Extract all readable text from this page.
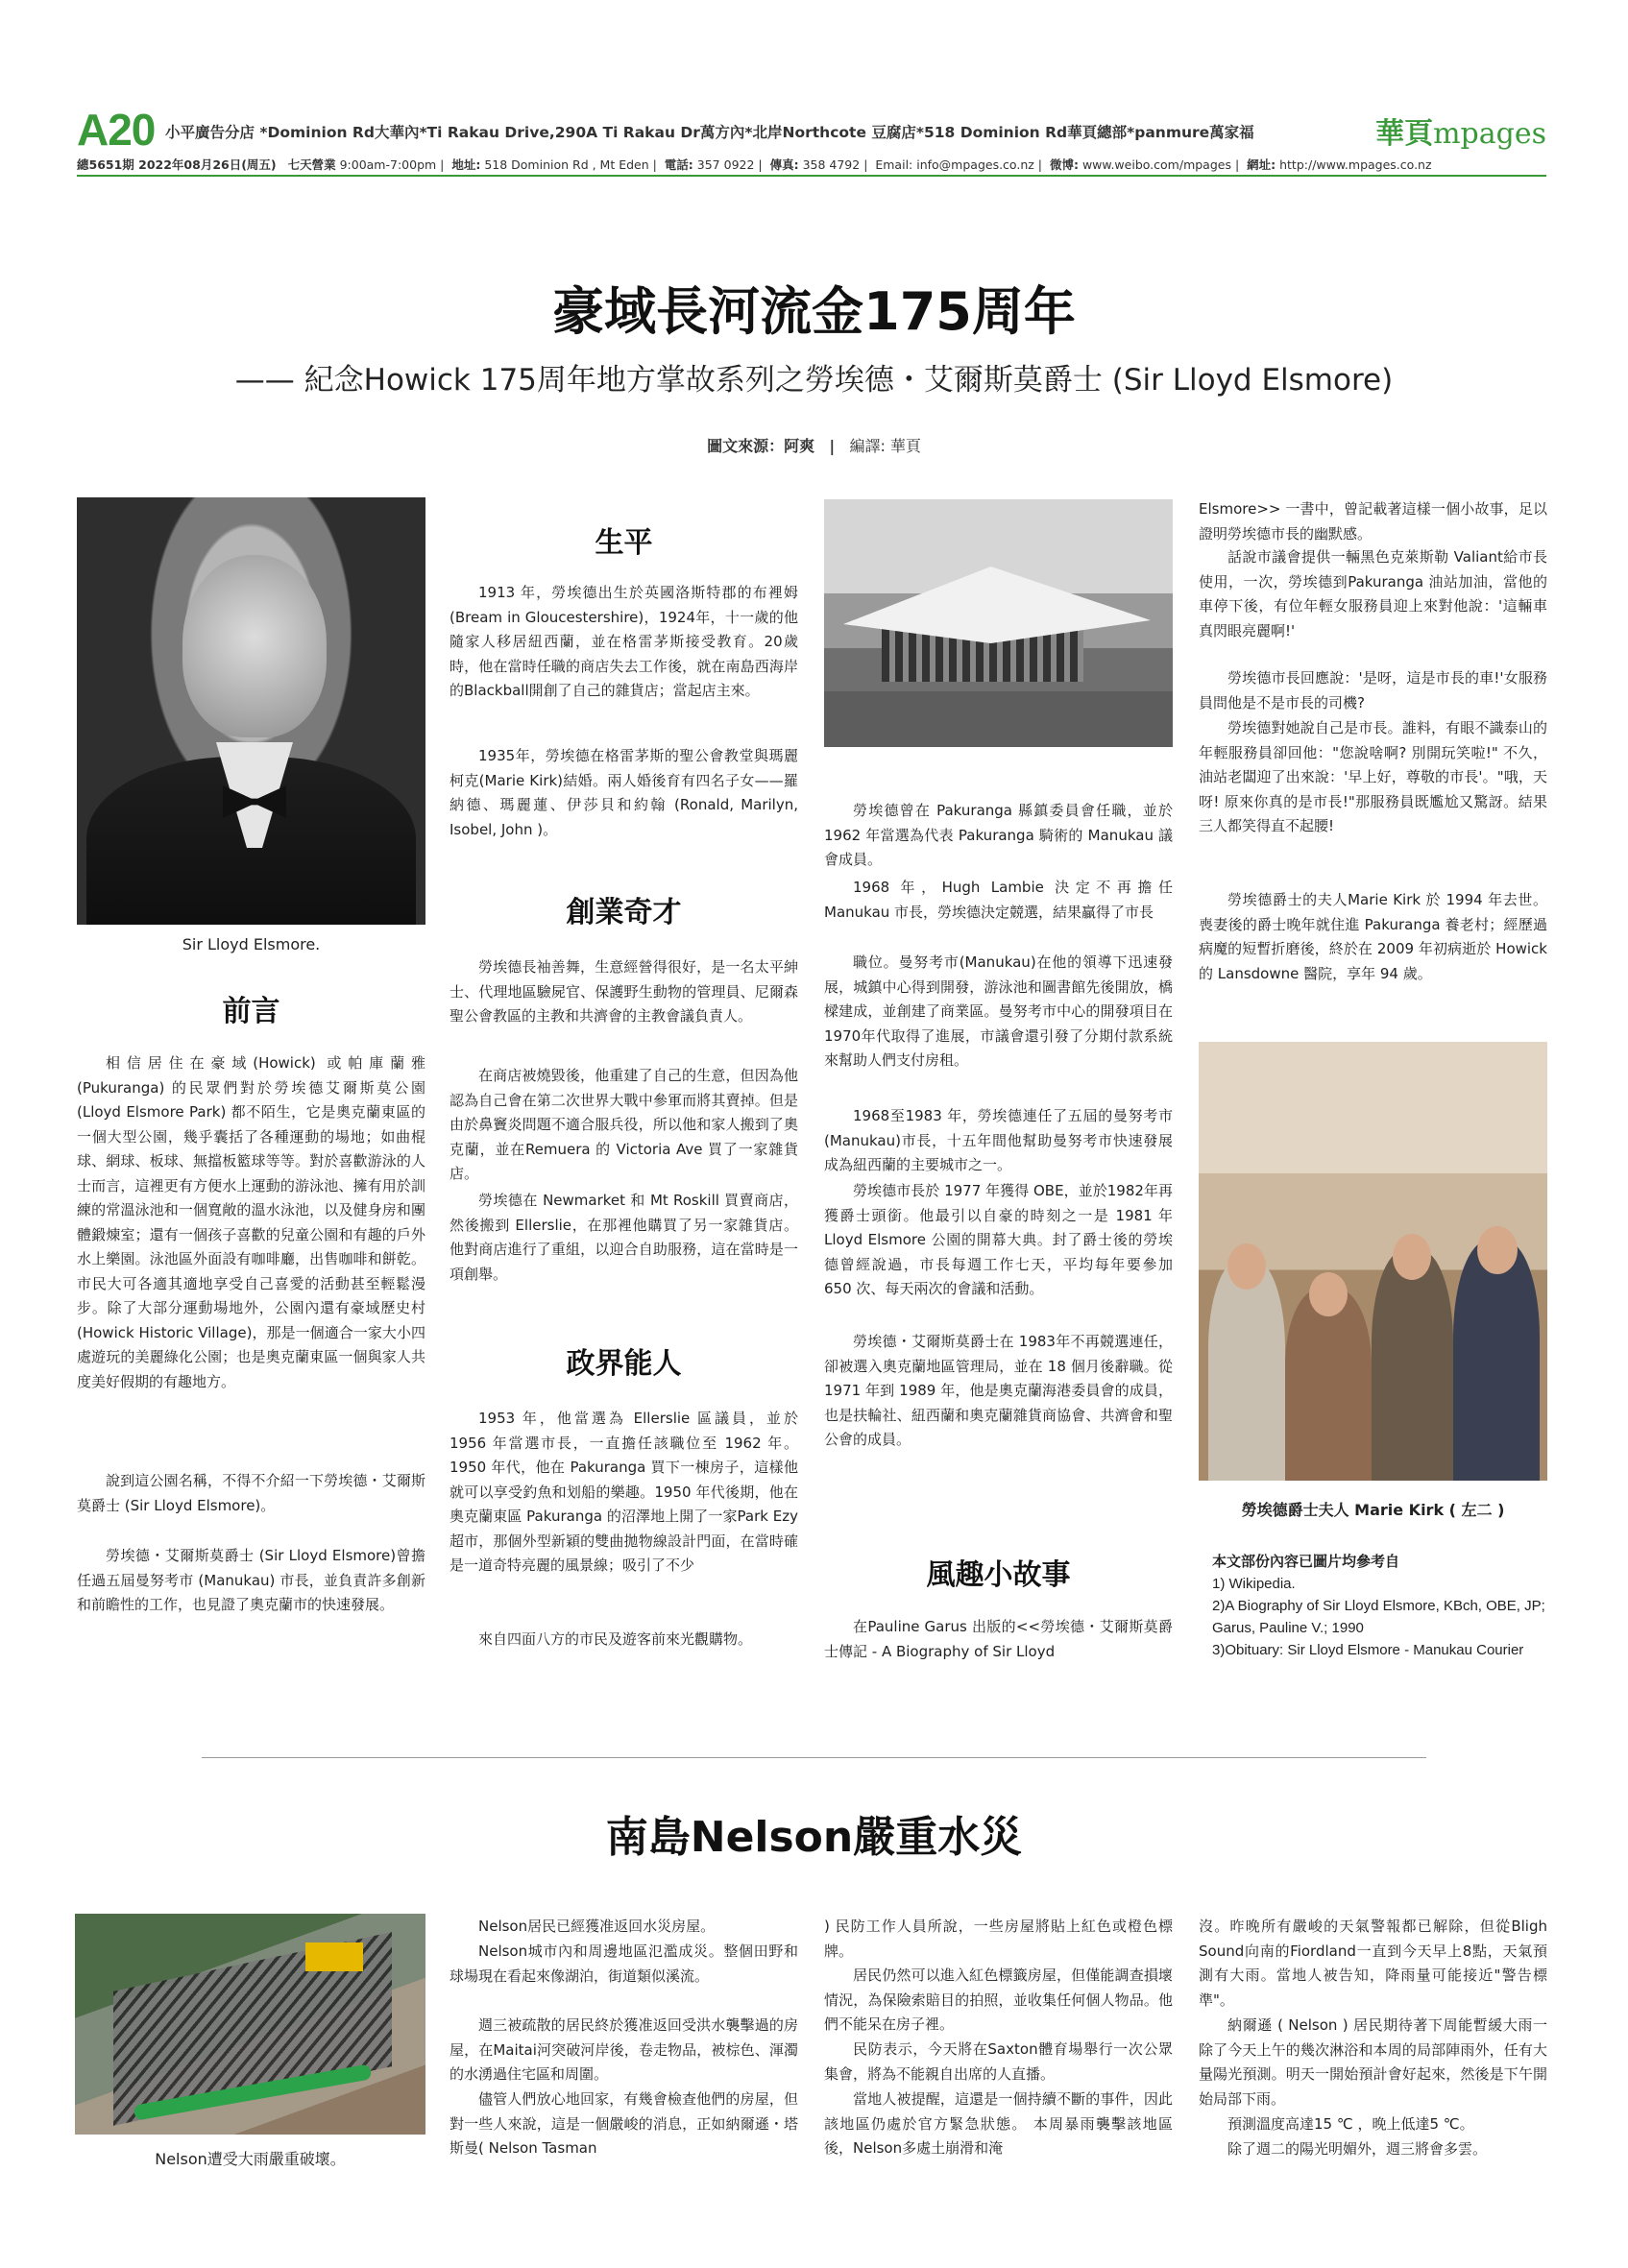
A20 小平廣告分店 *Dominion Rd大華內*Ti Rakau Drive,290A Ti Rakau Dr萬方內*北岸Northcote 豆腐店*518 Dominion Rd華頁總部*panmure萬家福	華頁mpages
總5651期 2022年08月26日(周五) 七天營業 9:00am-7:00pm |  地址: 518 Dominion Rd , Mt Eden |  電話: 357 0922 |  傳真: 358 4792 |  Email: info@mpages.co.nz |  微博: www.weibo.com/mpages |  網址: http://www.mpages.co.nz
豪域長河流金175周年
—— 紀念Howick 175周年地方掌故系列之勞埃德・艾爾斯莫爵士 (Sir Lloyd Elsmore)
圖文來源：阿爽 | 編譯: 華頁
Sir Lloyd Elsmore.
前言

相信居住在豪域(Howick) 或帕庫蘭雅(Pukuranga) 的民眾們對於勞埃德艾爾斯莫公園 (Lloyd Elsmore Park) 都不陌生，它是奧克蘭東區的一個大型公園，幾乎囊括了各種運動的場地；如曲棍球、網球、板球、無擋板籃球等等。對於喜歡游泳的人士而言，這裡更有方便水上運動的游泳池、擁有用於訓練的常溫泳池和一個寬敞的溫水泳池，以及健身房和團體鍛煉室；還有一個孩子喜歡的兒童公園和有趣的戶外水上樂園。泳池區外面設有咖啡廳，出售咖啡和餅乾。市民大可各適其適地享受自己喜愛的活動甚至輕鬆漫步。除了大部分運動場地外，公園內還有豪域歷史村(Howick Historic Village)，那是一個適合一家大小四處遊玩的美麗綠化公園；也是奧克蘭東區一個與家人共度美好假期的有趣地方。

說到這公園名稱，不得不介紹一下勞埃德・艾爾斯莫爵士 (Sir Lloyd Elsmore)。

勞埃德・艾爾斯莫爵士 (Sir Lloyd Elsmore)曾擔任過五屆曼努考市 (Manukau) 市長，並負責許多創新和前瞻性的工作，也見證了奧克蘭市的快速發展。

生平

1913 年，勞埃德出生於英國洛斯特郡的布裡姆 (Bream in Gloucestershire)，1924年，十一歲的他隨家人移居紐西蘭，並在格雷茅斯接受教育。20歲時，他在當時任職的商店失去工作後，就在南島西海岸的Blackball開創了自己的雜貨店；當起店主來。

1935年，勞埃德在格雷茅斯的聖公會教堂與瑪麗柯克(Marie Kirk)結婚。兩人婚後育有四名子女——羅納德、瑪麗蓮、伊莎貝和約翰 (Ronald, Marilyn, Isobel, John )。

創業奇才

勞埃德長袖善舞，生意經營得很好，是一名太平紳士、代理地區驗屍官、保護野生動物的管理員、尼爾森聖公會教區的主教和共濟會的主教會議負責人。

在商店被燒毀後，他重建了自己的生意，但因為他認為自己會在第二次世界大戰中參軍而將其賣掉。但是由於鼻竇炎問題不適合服兵役，所以他和家人搬到了奧克蘭，並在Remuera 的 Victoria Ave 買了一家雜貨店。

勞埃德在 Newmarket 和 Mt Roskill 買賣商店，然後搬到 Ellerslie，在那裡他購買了另一家雜貨店。他對商店進行了重組，以迎合自助服務，這在當時是一項創舉。

政界能人

1953 年，他當選為 Ellerslie 區議員，並於 1956 年當選市長，一直擔任該職位至 1962 年。1950 年代，他在 Pakuranga 買下一棟房子，這樣他就可以享受釣魚和划船的樂趣。1950 年代後期，他在奧克蘭東區 Pakuranga 的沼澤地上開了一家Park Ezy超市，那個外型新穎的雙曲拋物線設計門面，在當時確是一道奇特亮麗的風景線；吸引了不少

來自四面八方的市民及遊客前來光觀購物。

勞埃德曾在 Pakuranga 縣鎮委員會任職，並於 1962 年當選為代表 Pakuranga 騎術的 Manukau 議會成員。

1968 年，Hugh Lambie 決定不再擔任Manukau 市長，勞埃德決定競選，結果贏得了市長

職位。曼努考市(Manukau)在他的領導下迅速發展，城鎮中心得到開發，游泳池和圖書館先後開放，橋樑建成，並創建了商業區。曼努考市中心的開發項目在1970年代取得了進展，市議會還引發了分期付款系統來幫助人們支付房租。

1968至1983 年，勞埃德連任了五屆的曼努考市(Manukau)市長，十五年間他幫助曼努考市快速發展成為紐西蘭的主要城市之一。

勞埃德市長於 1977 年獲得 OBE，並於1982年再獲爵士頭銜。他最引以自豪的時刻之一是 1981 年 Lloyd Elsmore 公園的開幕大典。封了爵士後的勞埃德曾經說過，市長每週工作七天，平均每年要參加 650 次、每天兩次的會議和活動。

勞埃德・艾爾斯莫爵士在 1983年不再競選連任，卻被選入奧克蘭地區管理局，並在 18 個月後辭職。從 1971 年到 1989 年，他是奧克蘭海港委員會的成員，也是扶輪社、紐西蘭和奧克蘭雜貨商協會、共濟會和聖公會的成員。

風趣小故事

在Pauline Garus 出版的<<勞埃德・艾爾斯莫爵士傳記 - A Biography of Sir Lloyd

Elsmore>> 一書中，曾記載著這樣一個小故事，足以證明勞埃德市長的幽默感。

話說市議會提供一輛黑色克萊斯勒 Valiant給市長使用，一次，勞埃德到Pakuranga 油站加油，當他的車停下後，有位年輕女服務員迎上來對他說：'這輛車真閃眼亮麗啊!'

勞埃德市長回應說：'是呀，這是市長的車!'女服務員問他是不是市長的司機?

勞埃德對她說自己是市長。誰料，有眼不識泰山的年輕服務員卻回他："您說啥啊? 別開玩笑啦!" 不久，油站老闆迎了出來說：'早上好，尊敬的市長'。"哦，天呀! 原來你真的是市長!"那服務員既尷尬又驚訝。結果三人都笑得直不起腰!

勞埃德爵士的夫人Marie Kirk 於 1994 年去世。喪妻後的爵士晚年就住進 Pakuranga 養老村；經歷過病魔的短暫折磨後，終於在 2009 年初病逝於 Howick 的 Lansdowne 醫院，享年 94 歲。

勞埃德爵士夫人 Marie Kirk ( 左二 )
本文部份內容已圖片均參考自
1) Wikipedia.
2)A Biography of Sir Lloyd Elsmore, KBch, OBE, JP; Garus, Pauline V.; 1990
3)Obituary: Sir Lloyd Elsmore - Manukau Courier
南島Nelson嚴重水災
Nelson遭受大雨嚴重破壞。

Nelson居民已經獲准返回水災房屋。

Nelson城市內和周邊地區氾濫成災。整個田野和球場現在看起來像湖泊，街道類似溪流。

週三被疏散的居民終於獲准返回受洪水襲擊過的房屋，在Maitai河突破河岸後，卷走物品，被棕色、渾濁的水湧過住宅區和周圍。

儘管人們放心地回家，有幾會檢查他們的房屋，但對一些人來說，這是一個嚴峻的消息，正如納爾遜・塔斯曼( Nelson Tasman

) 民防工作人員所說，一些房屋將貼上紅色或橙色標牌。

居民仍然可以進入紅色標籤房屋，但僅能調查損壞情況，為保險索賠目的拍照，並收集任何個人物品。他們不能呆在房子裡。

民防表示，今天將在Saxton體育場舉行一次公眾集會，將為不能親自出席的人直播。

當地人被提醒，這還是一個持續不斷的事件，因此該地區仍處於官方緊急狀態。 本周暴雨襲擊該地區後，Nelson多處土崩滑和淹

沒。昨晚所有嚴峻的天氣警報都已解除，但從Bligh Sound向南的Fiordland一直到今天早上8點，天氣預測有大雨。當地人被告知，降雨量可能接近"警告標準"。

納爾遜 ( Nelson ) 居民期待著下周能暫緩大雨一除了今天上午的幾次淋浴和本周的局部陣雨外，任有大量陽光預測。明天一開始預計會好起來，然後是下午開始局部下雨。

預測溫度高達15 ℃ ，晚上低達5 ℃。

除了週二的陽光明媚外，週三將會多雲。
